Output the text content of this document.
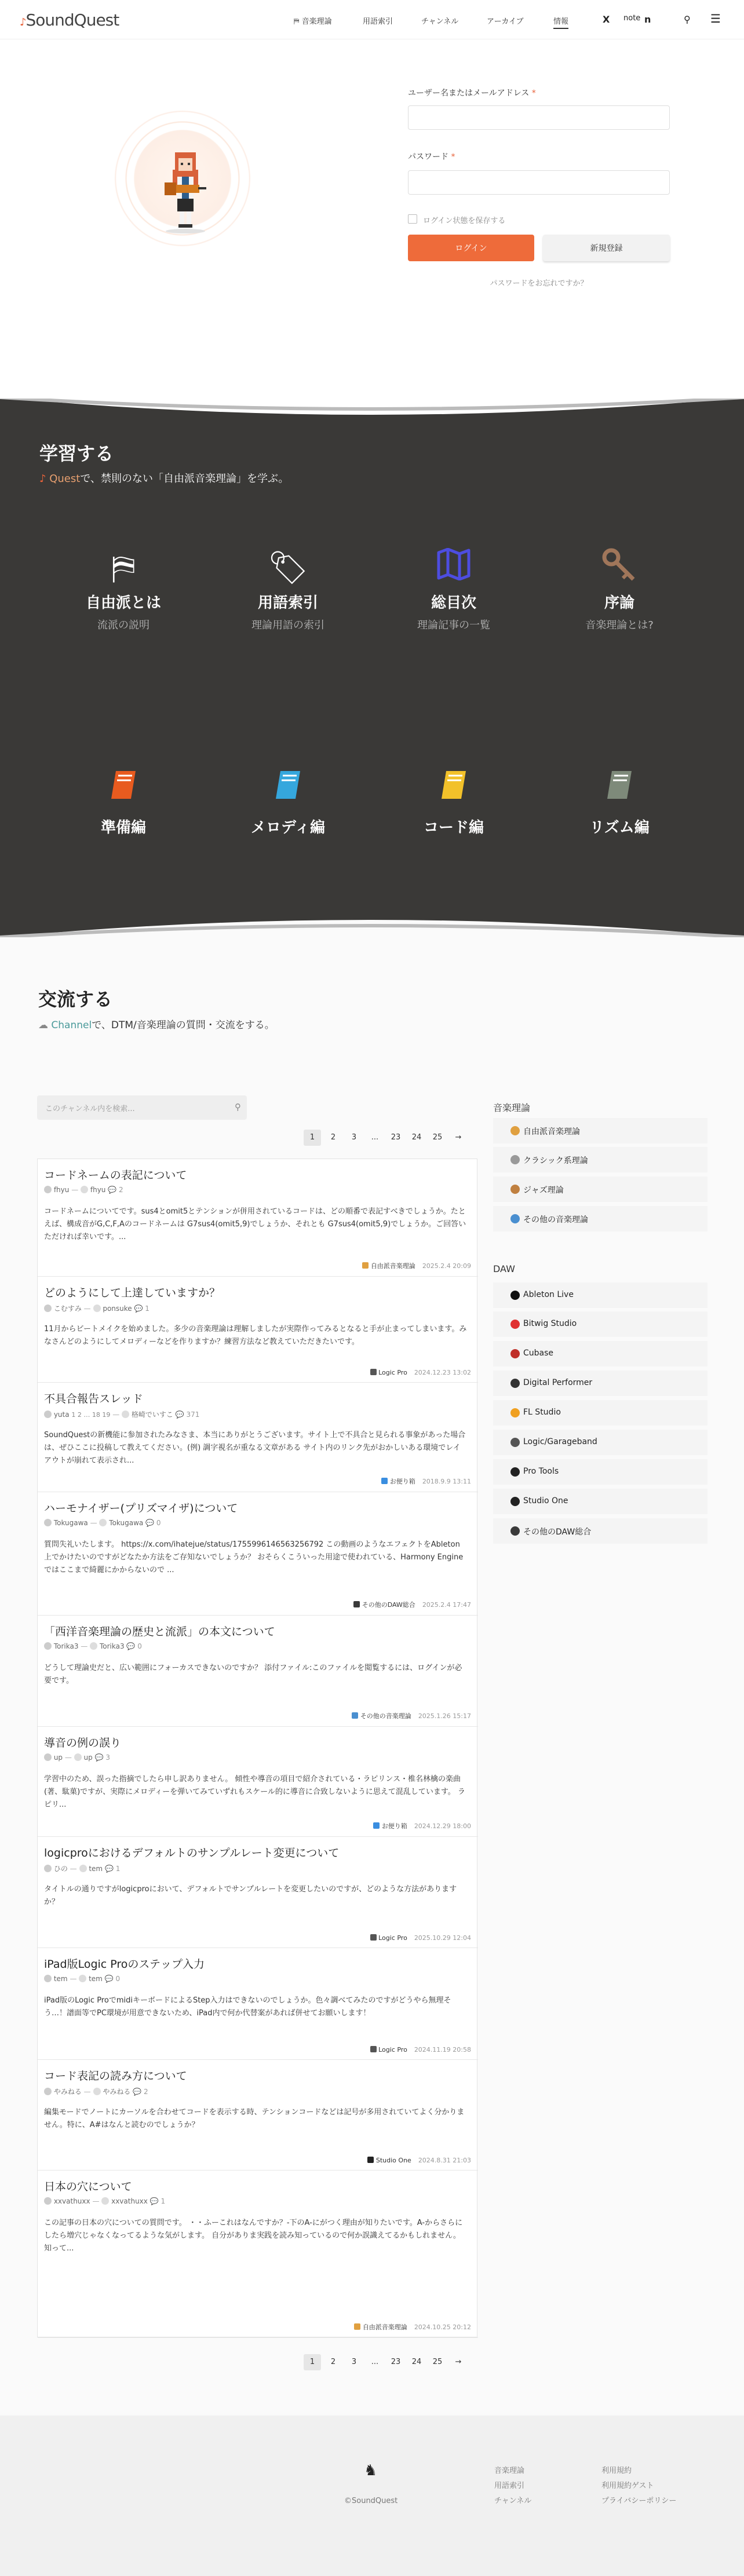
♪SoundQuest	⛿ 音楽理論	用語索引	チャンネル	アーカイブ	情報	X note n	⚲ ☰
ユーザー名またはメールアドレス *
パスワード *
ログイン状態を保存する
ログイン	新規登録
パスワードをお忘れですか？
学習する
♪ Questで、禁則のない「自由派音楽理論」を学ぶ。
⛿
自由派とは
流派の説明
🏷
用語索引
理論用語の索引
総目次
理論記事の一覧
序論
音楽理論とは?
準備編	メロディ編	コード編	リズム編
交流する
☁ Channelで、DTM/音楽理論の質問・交流をする。
このチャンネル内を検索...	⚲
1	2	3	...	23	24	25	→
コードネームの表記について
fhyu — fhyu 💬 2
コードネームについてです。sus4とomit5とテンションが併用されているコードは、どの順番で表記すべきでしょうか。たとえば、構成音がG,C,F,Aのコードネームは G7sus4(omit5,9)でしょうか、それとも G7sus4(omit5,9)でしょうか。ご回答いただければ幸いです。...
自由派音楽理論 2025.2.4 20:09
どのようにして上達していますか？
こむすみ — ponsuke 💬 1
11月からビートメイクを始めました。多少の音楽理論は理解しましたが実際作ってみるとなると手が止まってしまいます。みなさんどのようにしてメロディーなどを作りますか？練習方法など教えていただきたいです。
Logic Pro 2024.12.23 13:02
不具合報告スレッド
yuta 1 2 … 18 19 — 格崎でいすこ 💬 371
SoundQuestの新機能に参加されたみなさま、本当にありがとうございます。サイト上で不具合と見られる事象があった場合は、ぜひここに投稿して教えてください。(例) 調字視名が重なる文章がある サイト内のリンク先がおかしいある環境でレイアウトが崩れて表示され...
お便り箱 2018.9.9 13:11
ハーモナイザー(プリズマイザ)について
Tokugawa — Tokugawa 💬 0
質問失礼いたします。 https://x.com/ihatejue/status/1755996146563256792 この動画のようなエフェクトをAbleton上でかけたいのですがどなたか方法をご存知ないでしょうか？ おそらくこういった用途で使われている、Harmony Engineではここまで綺麗にかからないので ...
その他のDAW総合 2025.2.4 17:47
「西洋音楽理論の歴史と流派」の本文について
Torika3 — Torika3 💬 0
どうして理論史だと、広い範囲にフォーカスできないのですか？ 添付ファイル:このファイルを閲覧するには、ログインが必要です。
その他の音楽理論 2025.1.26 15:17
導音の例の誤り
up — up 💬 3
学習中のため、誤った指摘でしたら申し訳ありません。 傾性や導音の項目で紹介されている・ラピリンス・椎名林檎の楽曲(著、駄菓)ですが、実際にメロディーを弾いてみていずれもスケール的に導音に合致しないように思えて混乱しています。 ラピリ...
お便り箱 2024.12.29 18:00
logicproにおけるデフォルトのサンプルレート変更について
ひの — tem 💬 1
タイトルの通りですがlogicproにおいて、デフォルトでサンプルレートを変更したいのですが、どのような方法がありますか？
Logic Pro 2025.10.29 12:04
iPad版Logic Proのステップ入力
tem — tem 💬 0
iPad版のLogic ProでmidiキーボードによるStep入力はできないのでしょうか。色々調べてみたのですがどうやら無理そう…！譜面等でPC環境が用意できないため、iPad内で何か代替案があれば併せてお願いします！
Logic Pro 2024.11.19 20:58
コード表記の読み方について
やみねる — やみねる 💬 2
編集モードでノートにカーソルを合わせてコードを表示する時、テンションコードなどは記号が多用されていてよく分かりません。特に、A#はなんと読むのでしょうか？
Studio One 2024.8.31 21:03
日本の穴について
xxvathuxx — xxvathuxx 💬 1
この記事の日本の穴についての質問です。 ・・ふーこれはなんですか？-下のA-にがつく理由が知りたいです。A-からさらにしたら増穴じゃなくなってるような気がします。 自分がありま実践を読み知っているので何か誤識えてるかもしれません。知って...
自由派音楽理論 2024.10.25 20:12
1	2	3	...	23	24	25	→
音楽理論
DAW
自由派音楽理論
クラシック系理論
ジャズ理論
その他の音楽理論
Ableton Live
Bitwig Studio
Cubase
Digital Performer
FL Studio
Logic/Garageband
Pro Tools
Studio One
その他のDAW総合
♞
©SoundQuest
音楽理論
用語索引
チャンネル
利用規約
利用規約ゲスト
プライバシーポリシー
